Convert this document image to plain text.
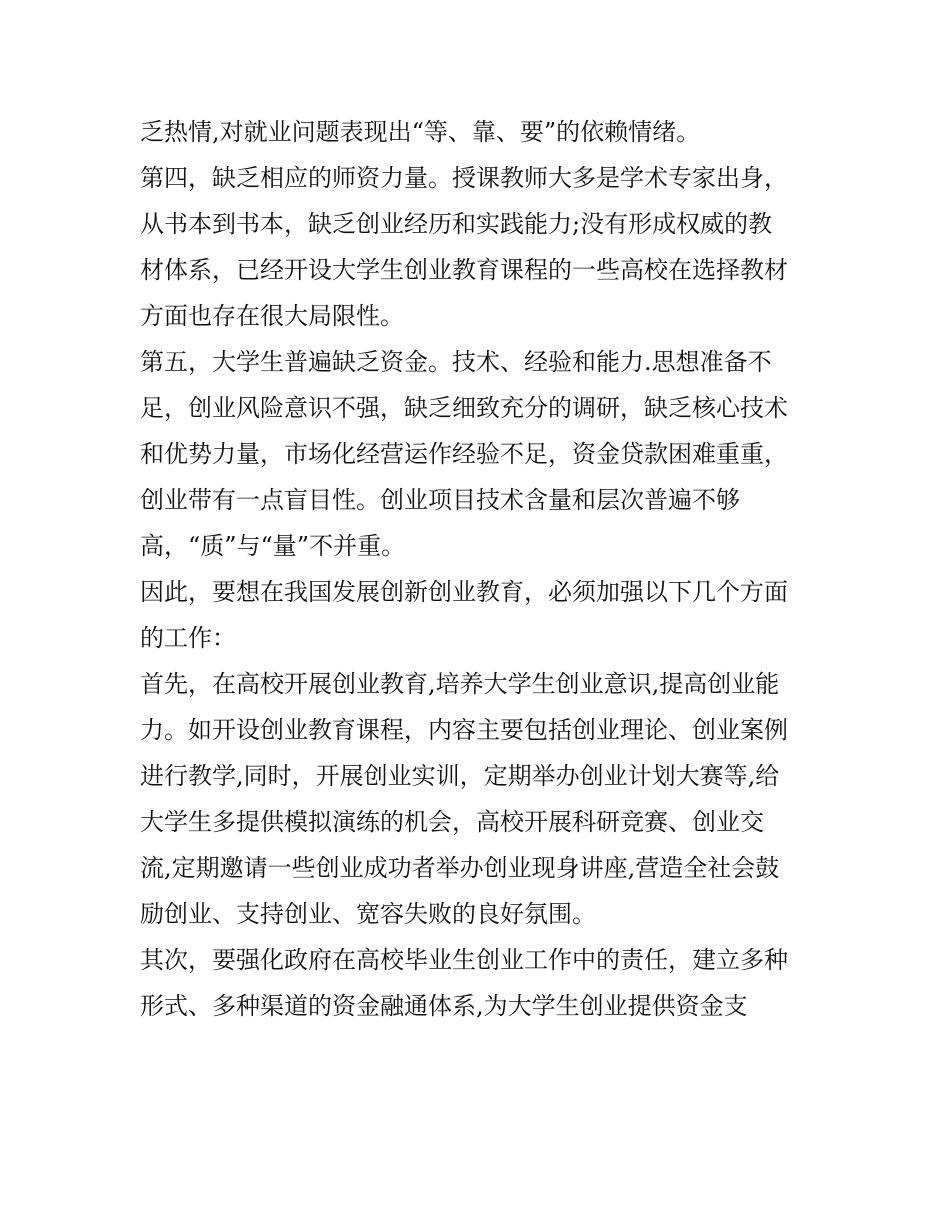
乏热情,对就业问题表现出“等、靠、要”的依赖情绪。
第四，缺乏相应的师资力量。授课教师大多是学术专家出身，
从书本到书本，缺乏创业经历和实践能力;没有形成权威的教
材体系，已经开设大学生创业教育课程的一些高校在选择教材
方面也存在很大局限性。
第五，大学生普遍缺乏资金。技术、经验和能力.思想准备不
足，创业风险意识不强，缺乏细致充分的调研，缺乏核心技术
和优势力量，市场化经营运作经验不足，资金贷款困难重重，
创业带有一点盲目性。创业项目技术含量和层次普遍不够
高，“质”与“量”不并重。
因此，要想在我国发展创新创业教育，必须加强以下几个方面
的工作：
首先，在高校开展创业教育,培养大学生创业意识,提高创业能
力。如开设创业教育课程，内容主要包括创业理论、创业案例
进行教学,同时，开展创业实训，定期举办创业计划大赛等,给
大学生多提供模拟演练的机会，高校开展科研竞赛、创业交
流,定期邀请一些创业成功者举办创业现身讲座,营造全社会鼓
励创业、支持创业、宽容失败的良好氛围。
其次，要强化政府在高校毕业生创业工作中的责任，建立多种
形式、多种渠道的资金融通体系,为大学生创业提供资金支
